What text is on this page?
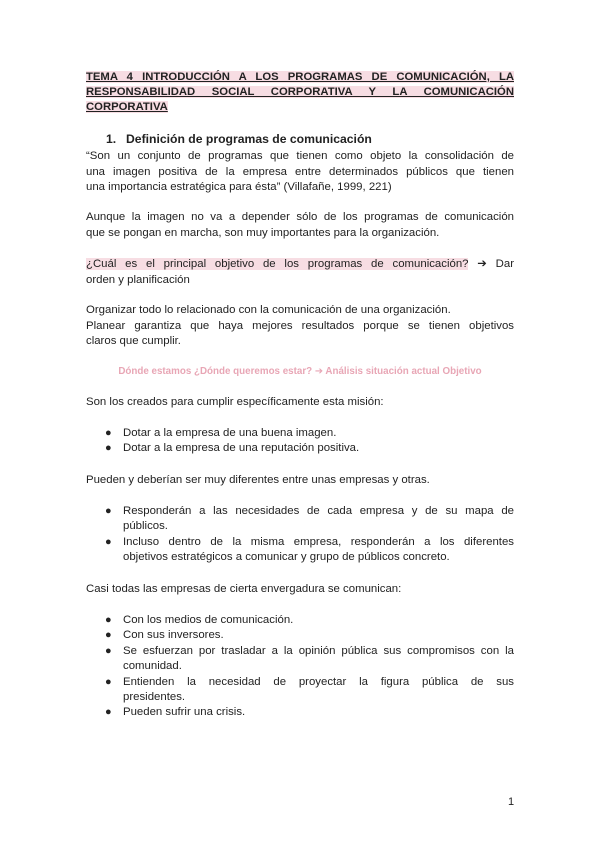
TEMA 4 INTRODUCCIÓN A LOS PROGRAMAS DE COMUNICACIÓN, LA
RESPONSABILIDAD SOCIAL CORPORATIVA Y LA COMUNICACIÓN
CORPORATIVA
1. Definición de programas de comunicación
“Son un conjunto de programas que tienen como objeto la consolidación de
una imagen positiva de la empresa entre determinados públicos que tienen
una importancia estratégica para ésta” (Villafañe, 1999, 221)
Aunque la imagen no va a depender sólo de los programas de comunicación
que se pongan en marcha, son muy importantes para la organización.
¿Cuál es el principal objetivo de los programas de comunicación? ➔ Dar
orden y planificación
Organizar todo lo relacionado con la comunicación de una organización.
Planear garantiza que haya mejores resultados porque se tienen objetivos
claros que cumplir.
Dónde estamos ¿Dónde queremos estar? ➔ Análisis situación actual Objetivo
Son los creados para cumplir específicamente esta misión:
● Dotar a la empresa de una buena imagen.
● Dotar a la empresa de una reputación positiva.
Pueden y deberían ser muy diferentes entre unas empresas y otras.
● Responderán a las necesidades de cada empresa y de su mapa de
públicos.
● Incluso dentro de la misma empresa, responderán a los diferentes
objetivos estratégicos a comunicar y grupo de públicos concreto.
Casi todas las empresas de cierta envergadura se comunican:
● Con los medios de comunicación.
● Con sus inversores.
● Se esfuerzan por trasladar a la opinión pública sus compromisos con la
comunidad.
● Entienden la necesidad de proyectar la figura pública de sus
presidentes.
● Pueden sufrir una crisis.
1
